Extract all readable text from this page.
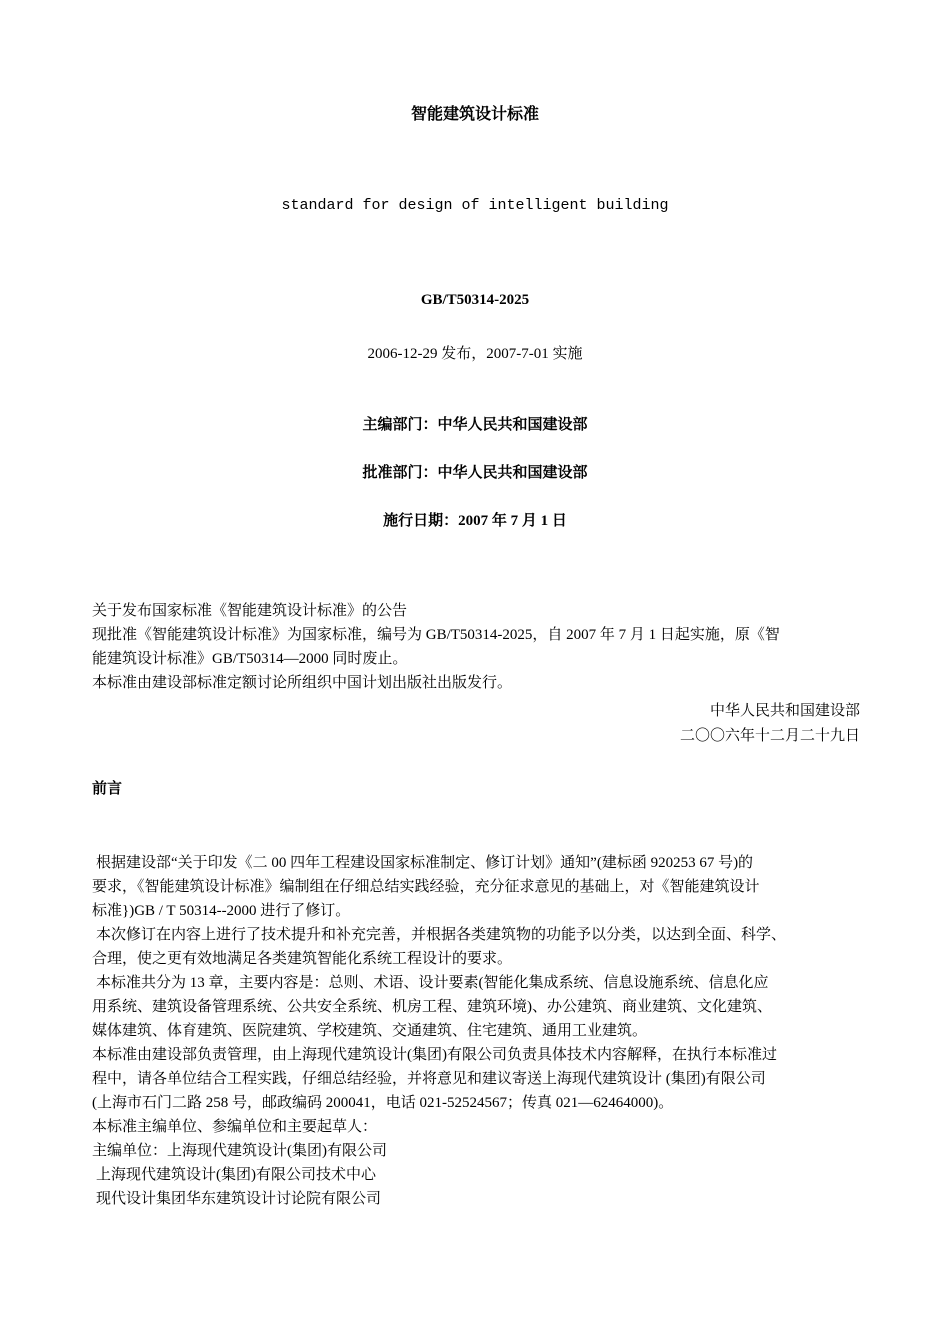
智能建筑设计标准
standard for design of intelligent building
GB/T50314-2025
2006-12-29 发布，2007-7-01 实施
主编部门：中华人民共和国建设部
批准部门：中华人民共和国建设部
施行日期：2007 年 7 月 1 日

关于发布国家标准《智能建筑设计标准》的公告

现批准《智能建筑设计标准》为国家标准，编号为 GB/T50314-2025，自 2007 年 7 月 1 日起实施，原《智

能建筑设计标准》GB/T50314—2000 同时废止。

本标准由建设部标准定额讨论所组织中国计划出版社出版发行。

中华人民共和国建设部
二〇〇六年十二月二十九日
前言

根据建设部“关于印发《二 00 四年工程建设国家标准制定、修订计划》通知”(建标函 920253 67 号)的

要求，《智能建筑设计标准》编制组在仔细总结实践经验，充分征求意见的基础上，对《智能建筑设计

标准})GB / T 50314--2000 进行了修订。

本次修订在内容上进行了技术提升和补充完善，并根据各类建筑物的功能予以分类，以达到全面、科学、

合理，使之更有效地满足各类建筑智能化系统工程设计的要求。

本标准共分为 13 章，主要内容是：总则、术语、设计要素(智能化集成系统、信息设施系统、信息化应

用系统、建筑设备管理系统、公共安全系统、机房工程、建筑环境)、办公建筑、商业建筑、文化建筑、

媒体建筑、体育建筑、医院建筑、学校建筑、交通建筑、住宅建筑、通用工业建筑。

本标准由建设部负责管理，由上海现代建筑设计(集团)有限公司负责具体技术内容解释，在执行本标准过

程中，请各单位结合工程实践，仔细总结经验，并将意见和建议寄送上海现代建筑设计 (集团)有限公司

(上海市石门二路 258 号，邮政编码 200041，电话 021-52524567；传真 021—62464000)。

本标准主编单位、参编单位和主要起草人：

主编单位：上海现代建筑设计(集团)有限公司

上海现代建筑设计(集团)有限公司技术中心

现代设计集团华东建筑设计讨论院有限公司
